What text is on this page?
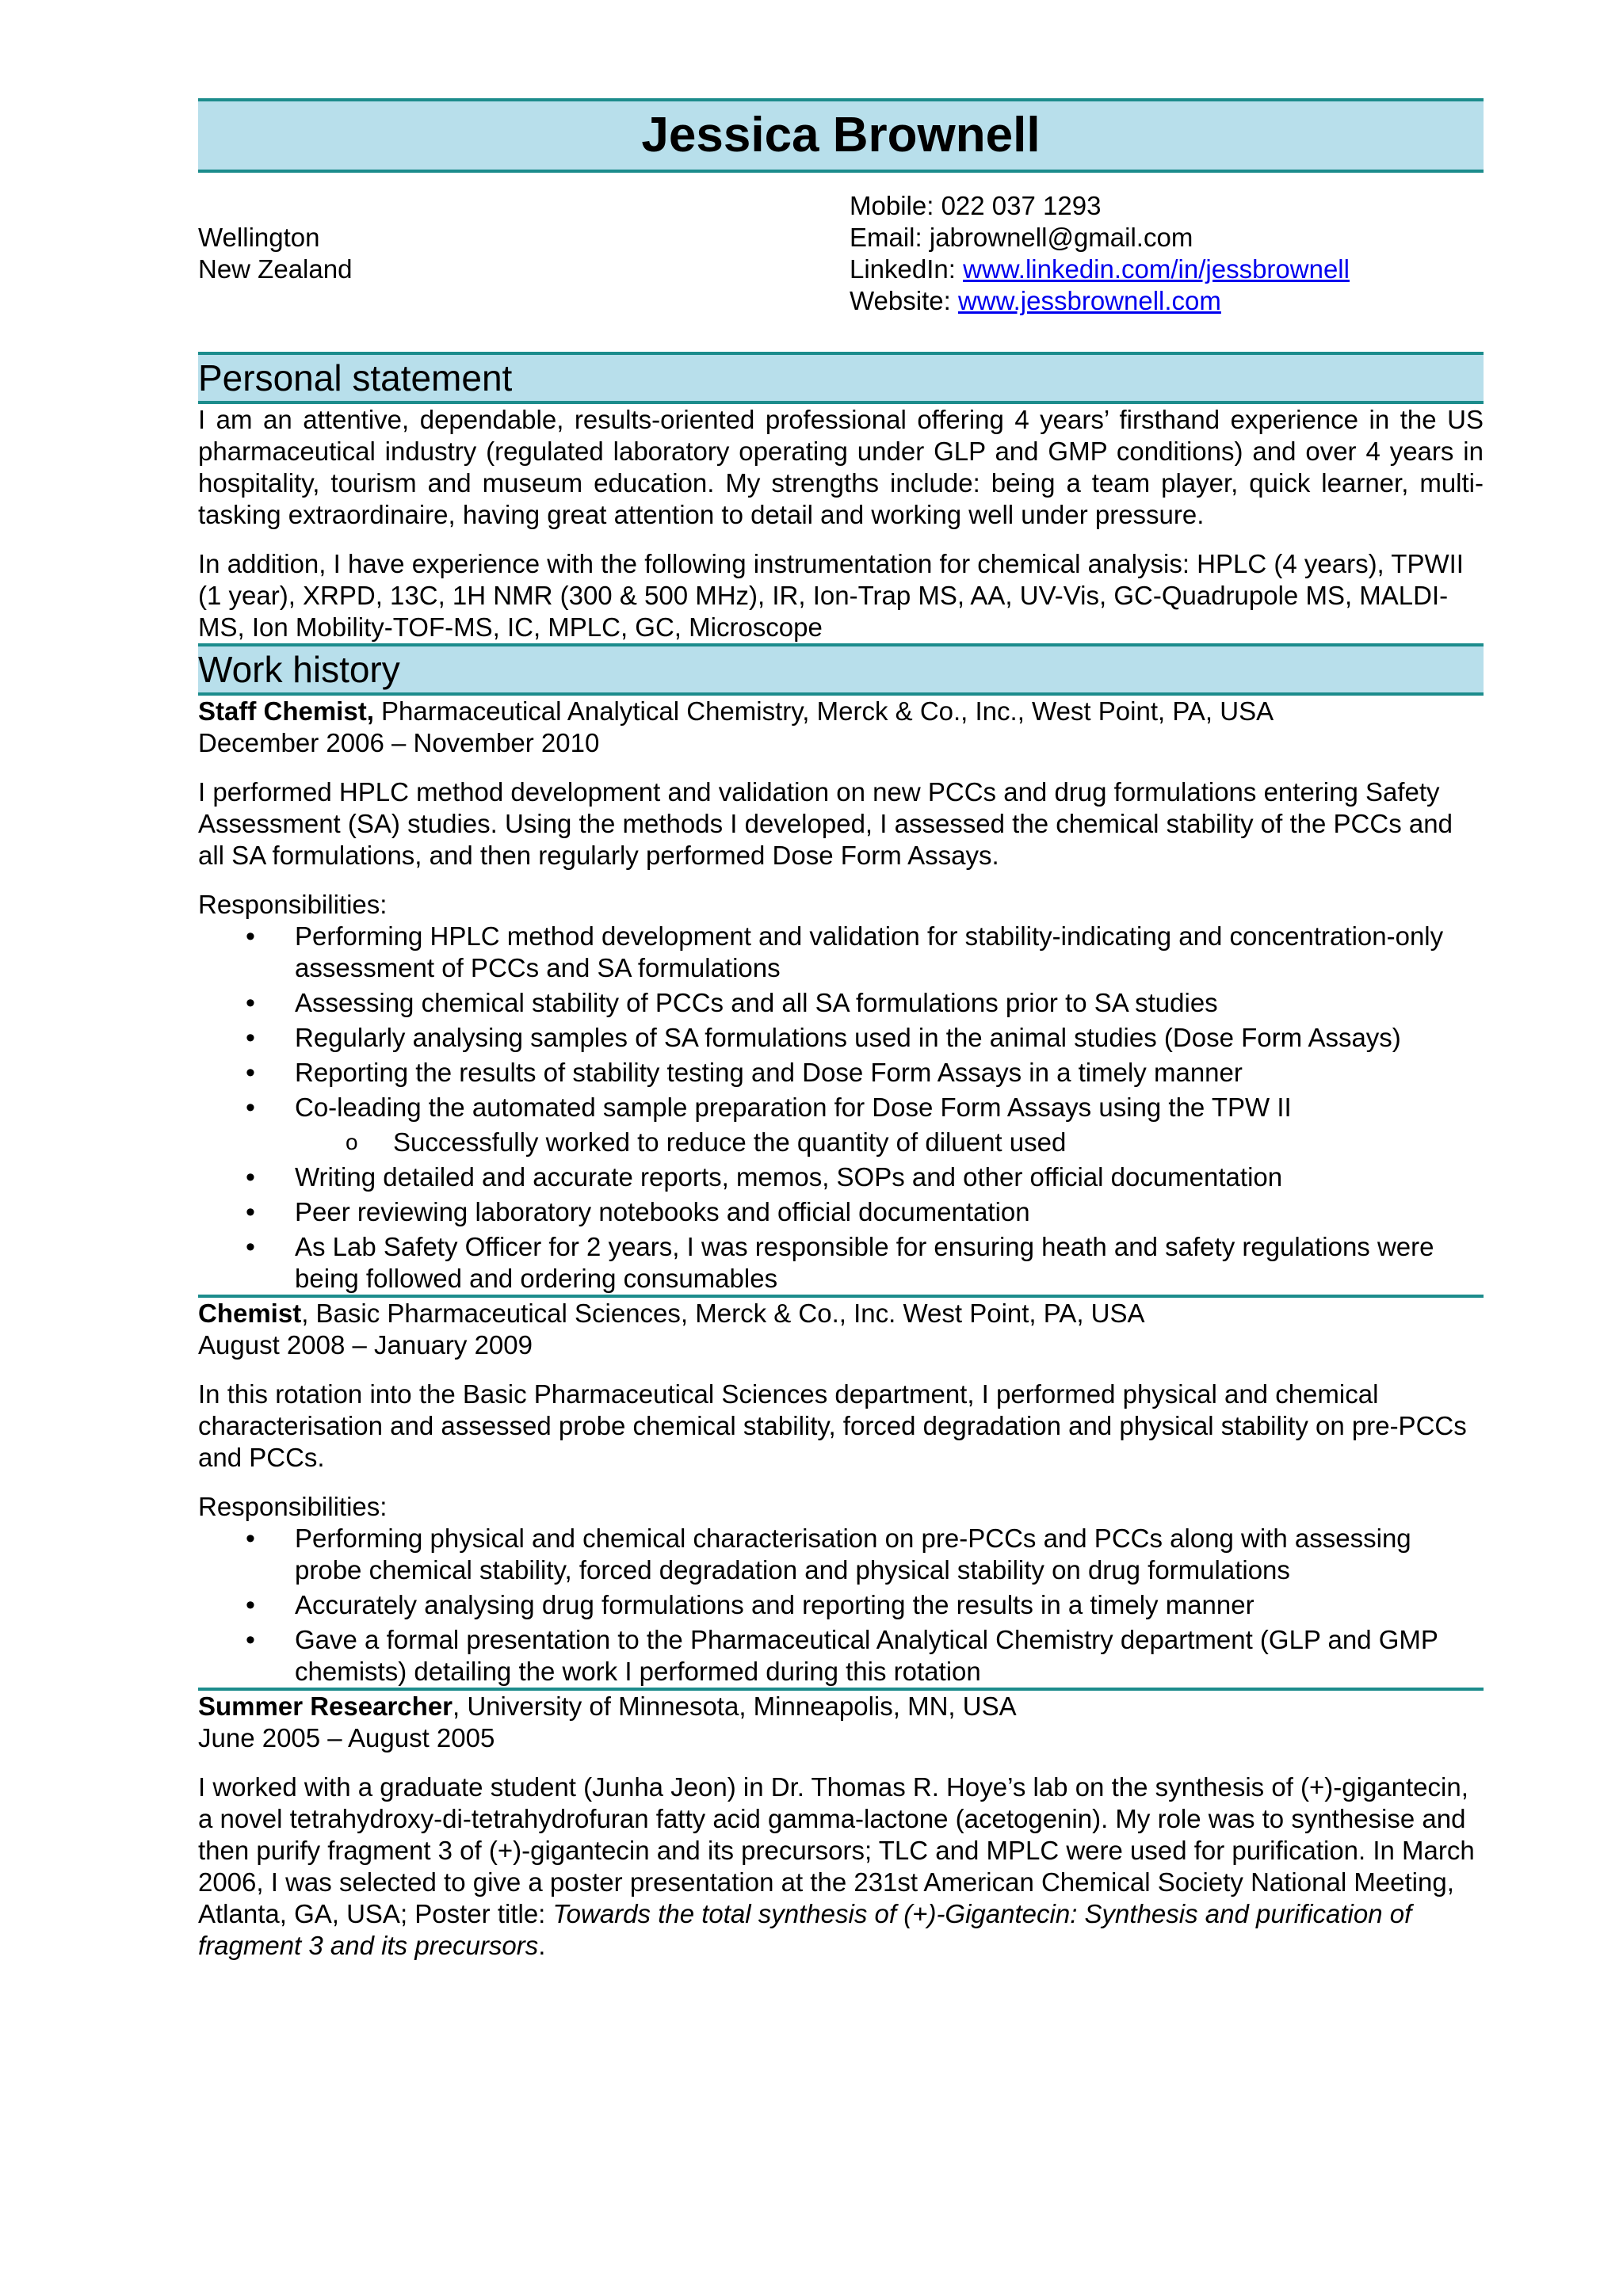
Jessica Brownell
Wellington
New Zealand
Mobile: 022 037 1293
Email: jabrownell@gmail.com
LinkedIn: www.linkedin.com/in/jessbrownell
Website: www.jessbrownell.com
Personal statement

I am an attentive, dependable, results-oriented professional offering 4 years’ firsthand experience in the US pharmaceutical industry (regulated laboratory operating under GLP and GMP conditions) and over 4 years in hospitality, tourism and museum education. My strengths include: being a team player, quick learner, multi-tasking extraordinaire, having great attention to detail and working well under pressure.

In addition, I have experience with the following instrumentation for chemical analysis: HPLC (4 years), TPWII (1 year), XRPD, 13C, 1H NMR (300 & 500 MHz), IR, Ion-Trap MS, AA, UV-Vis, GC-Quadrupole MS, MALDI-MS, Ion Mobility-TOF-MS, IC, MPLC, GC, Microscope

Work history
Staff Chemist, Pharmaceutical Analytical Chemistry, Merck & Co., Inc., West Point, PA, USA
December 2006 – November 2010

I performed HPLC method development and validation on new PCCs and drug formulations entering Safety Assessment (SA) studies. Using the methods I developed, I assessed the chemical stability of the PCCs and all SA formulations, and then regularly performed Dose Form Assays.

Responsibilities:
• Performing HPLC method development and validation for stability-indicating and concentration-only assessment of PCCs and SA formulations
• Assessing chemical stability of PCCs and all SA formulations prior to SA studies
• Regularly analysing samples of SA formulations used in the animal studies (Dose Form Assays)
• Reporting the results of stability testing and Dose Form Assays in a timely manner
• Co-leading the automated sample preparation for Dose Form Assays using the TPW II
o Successfully worked to reduce the quantity of diluent used
• Writing detailed and accurate reports, memos, SOPs and other official documentation
• Peer reviewing laboratory notebooks and official documentation
• As Lab Safety Officer for 2 years, I was responsible for ensuring heath and safety regulations were being followed and ordering consumables
Chemist, Basic Pharmaceutical Sciences, Merck & Co., Inc. West Point, PA, USA
August 2008 – January 2009

In this rotation into the Basic Pharmaceutical Sciences department, I performed physical and chemical characterisation and assessed probe chemical stability, forced degradation and physical stability on pre-PCCs and PCCs.

Responsibilities:
• Performing physical and chemical characterisation on pre-PCCs and PCCs along with assessing probe chemical stability, forced degradation and physical stability on drug formulations
• Accurately analysing drug formulations and reporting the results in a timely manner
• Gave a formal presentation to the Pharmaceutical Analytical Chemistry department (GLP and GMP chemists) detailing the work I performed during this rotation
Summer Researcher, University of Minnesota, Minneapolis, MN, USA
June 2005 – August 2005

I worked with a graduate student (Junha Jeon) in Dr. Thomas R. Hoye’s lab on the synthesis of (+)-gigantecin, a novel tetrahydroxy-di-tetrahydrofuran fatty acid gamma-lactone (acetogenin). My role was to synthesise and then purify fragment 3 of (+)-gigantecin and its precursors; TLC and MPLC were used for purification. In March 2006, I was selected to give a poster presentation at the 231st American Chemical Society National Meeting, Atlanta, GA, USA; Poster title: Towards the total synthesis of (+)-Gigantecin: Synthesis and purification of fragment 3 and its precursors.
